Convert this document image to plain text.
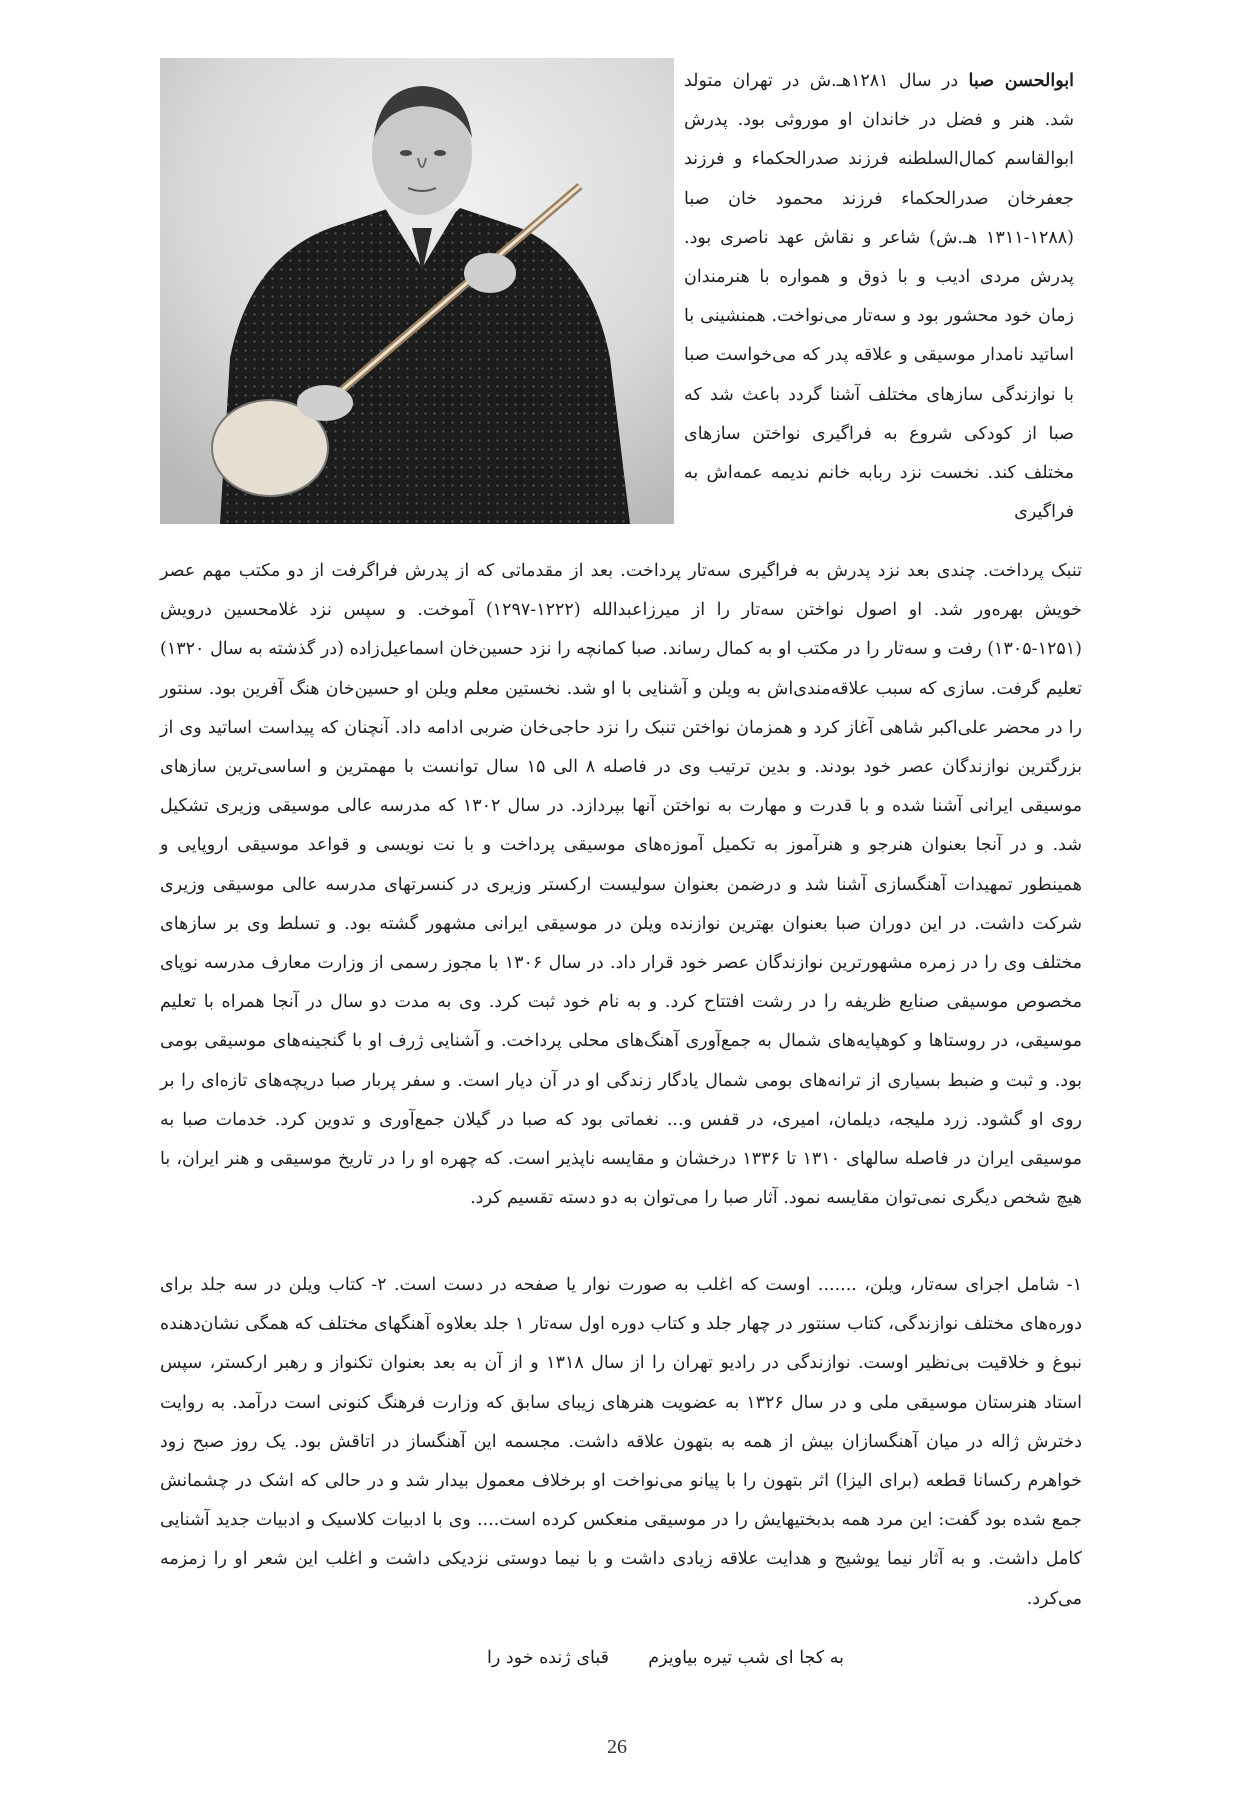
ابوالحسن صبا در سال ۱۲۸۱هـ.ش در تهران متولد شد. هنر و فضل در خاندان او موروثی بود. پدرش ابوالقاسم کمال‌السلطنه فرزند صدرالحکماء و فرزند جعفرخان صدرالحکماء فرزند محمود خان صبا (۱۲۸۸-۱۳۱۱ هـ.ش) شاعر و نقاش عهد ناصری بود. پدرش مردی ادیب و با ذوق و همواره با هنرمندان زمان خود محشور بود و سه‌تار می‌نواخت. همنشینی با اساتید نامدار موسیقی و علاقه پدر که می‌خواست صبا با نوازندگی سازهای مختلف آشنا گردد باعث شد که صبا از کودکی شروع به فراگیری نواختن سازهای مختلف کند. نخست نزد ربابه خانم ندیمه عمه‌اش به فراگیری

تنبک پرداخت. چندی بعد نزد پدرش به فراگیری سه‌تار پرداخت. بعد از مقدماتی که از پدرش فراگرفت از دو مکتب مهم عصر خویش بهره‌ور شد. او اصول نواختن سه‌تار را از میرزاعبدالله (۱۲۲۲-۱۲۹۷) آموخت. و سپس نزد غلامحسین درویش (۱۲۵۱-۱۳۰۵) رفت و سه‌تار را در مکتب او به کمال رساند. صبا کمانچه را نزد حسین‌خان اسماعیل‌زاده (در گذشته به سال ۱۳۲۰) تعلیم گرفت. سازی که سبب علاقه‌مندی‌اش به ویلن و آشنایی با او شد. نخستین معلم ویلن او حسین‌خان هنگ آفرین بود. سنتور را در محضر علی‌اکبر شاهی آغاز کرد و همزمان نواختن تنبک را نزد حاجی‌خان ضربی ادامه داد. آنچنان که پیداست اساتید وی از بزرگترین نوازندگان عصر خود بودند. و بدین ترتیب وی در فاصله ۸ الی ۱۵ سال توانست با مهمترین و اساسی‌ترین سازهای موسیقی ایرانی آشنا شده و با قدرت و مهارت به نواختن آنها بپردازد. در سال ۱۳۰۲ که مدرسه عالی موسیقی وزیری تشکیل شد. و در آنجا بعنوان هنرجو و هنرآموز به تکمیل آموزه‌های موسیقی پرداخت و با نت نویسی و قواعد موسیقی اروپایی و همینطور تمهیدات آهنگسازی آشنا شد و درضمن بعنوان سولیست ارکستر وزیری در کنسرتهای مدرسه عالی موسیقی وزیری شرکت داشت. در این دوران صبا بعنوان بهترین نوازنده ویلن در موسیقی ایرانی مشهور گشته بود. و تسلط وی بر سازهای مختلف وی را در زمره مشهورترین نوازندگان عصر خود قرار داد. در سال ۱۳۰۶ با مجوز رسمی از وزارت معارف مدرسه نوپای مخصوص موسیقی صنایع ظریفه را در رشت افتتاح کرد. و به نام خود ثبت کرد. وی به مدت دو سال در آنجا همراه با تعلیم موسیقی، در روستاها و کوهپایه‌های شمال به جمع‌آوری آهنگ‌های محلی پرداخت. و آشنایی ژرف او با گنجینه‌های موسیقی بومی بود. و ثبت و ضبط بسیاری از ترانه‌های بومی شمال یادگار زندگی او در آن دیار است. و سفر پربار صبا دریچه‌های تازه‌ای را بر روی او گشود. زرد ملیجه، دیلمان، امیری، در قفس و... نغماتی بود که صبا در گیلان جمع‌آوری و تدوین کرد. خدمات صبا به موسیقی ایران در فاصله سالهای ۱۳۱۰ تا ۱۳۳۶ درخشان و مقایسه ناپذیر است. که چهره او را در تاریخ موسیقی و هنر ایران، با هیچ شخص دیگری نمی‌توان مقایسه نمود. آثار صبا را می‌توان به دو دسته تقسیم کرد.

۱- شامل اجرای سه‌تار، ویلن، ....... اوست که اغلب به صورت نوار یا صفحه در دست است. ۲- کتاب ویلن در سه جلد برای دوره‌های مختلف نوازندگی، کتاب سنتور در چهار جلد و کتاب دوره اول سه‌تار ۱ جلد بعلاوه آهنگهای مختلف که همگی نشان‌دهنده نبوغ و خلاقیت بی‌نظیر اوست. نوازندگی در رادیو تهران را از سال ۱۳۱۸ و از آن به بعد بعنوان تکنواز و رهبر ارکستر، سپس استاد هنرستان موسیقی ملی و در سال ۱۳۲۶ به عضویت هنرهای زیبای سابق که وزارت فرهنگ کنونی است درآمد. به روایت دخترش ژاله در میان آهنگسازان بیش از همه به بتهون علاقه داشت. مجسمه این آهنگساز در اتاقش بود. یک روز صبح زود خواهرم رکسانا قطعه (برای الیزا) اثر بتهون را با پیانو می‌نواخت او برخلاف معمول بیدار شد و در حالی که اشک در چشمانش جمع شده بود گفت: این مرد همه بدبختیهایش را در موسیقی منعکس کرده است.... وی با ادبیات کلاسیک و ادبیات جدید آشنایی کامل داشت. و به آثار نیما یوشیج و هدایت علاقه زیادی داشت و با نیما دوستی نزدیکی داشت و اغلب این شعر او را زمزمه می‌کرد.

به کجا ای شب تیره بیاویزم
قبای ژنده خود را
26
